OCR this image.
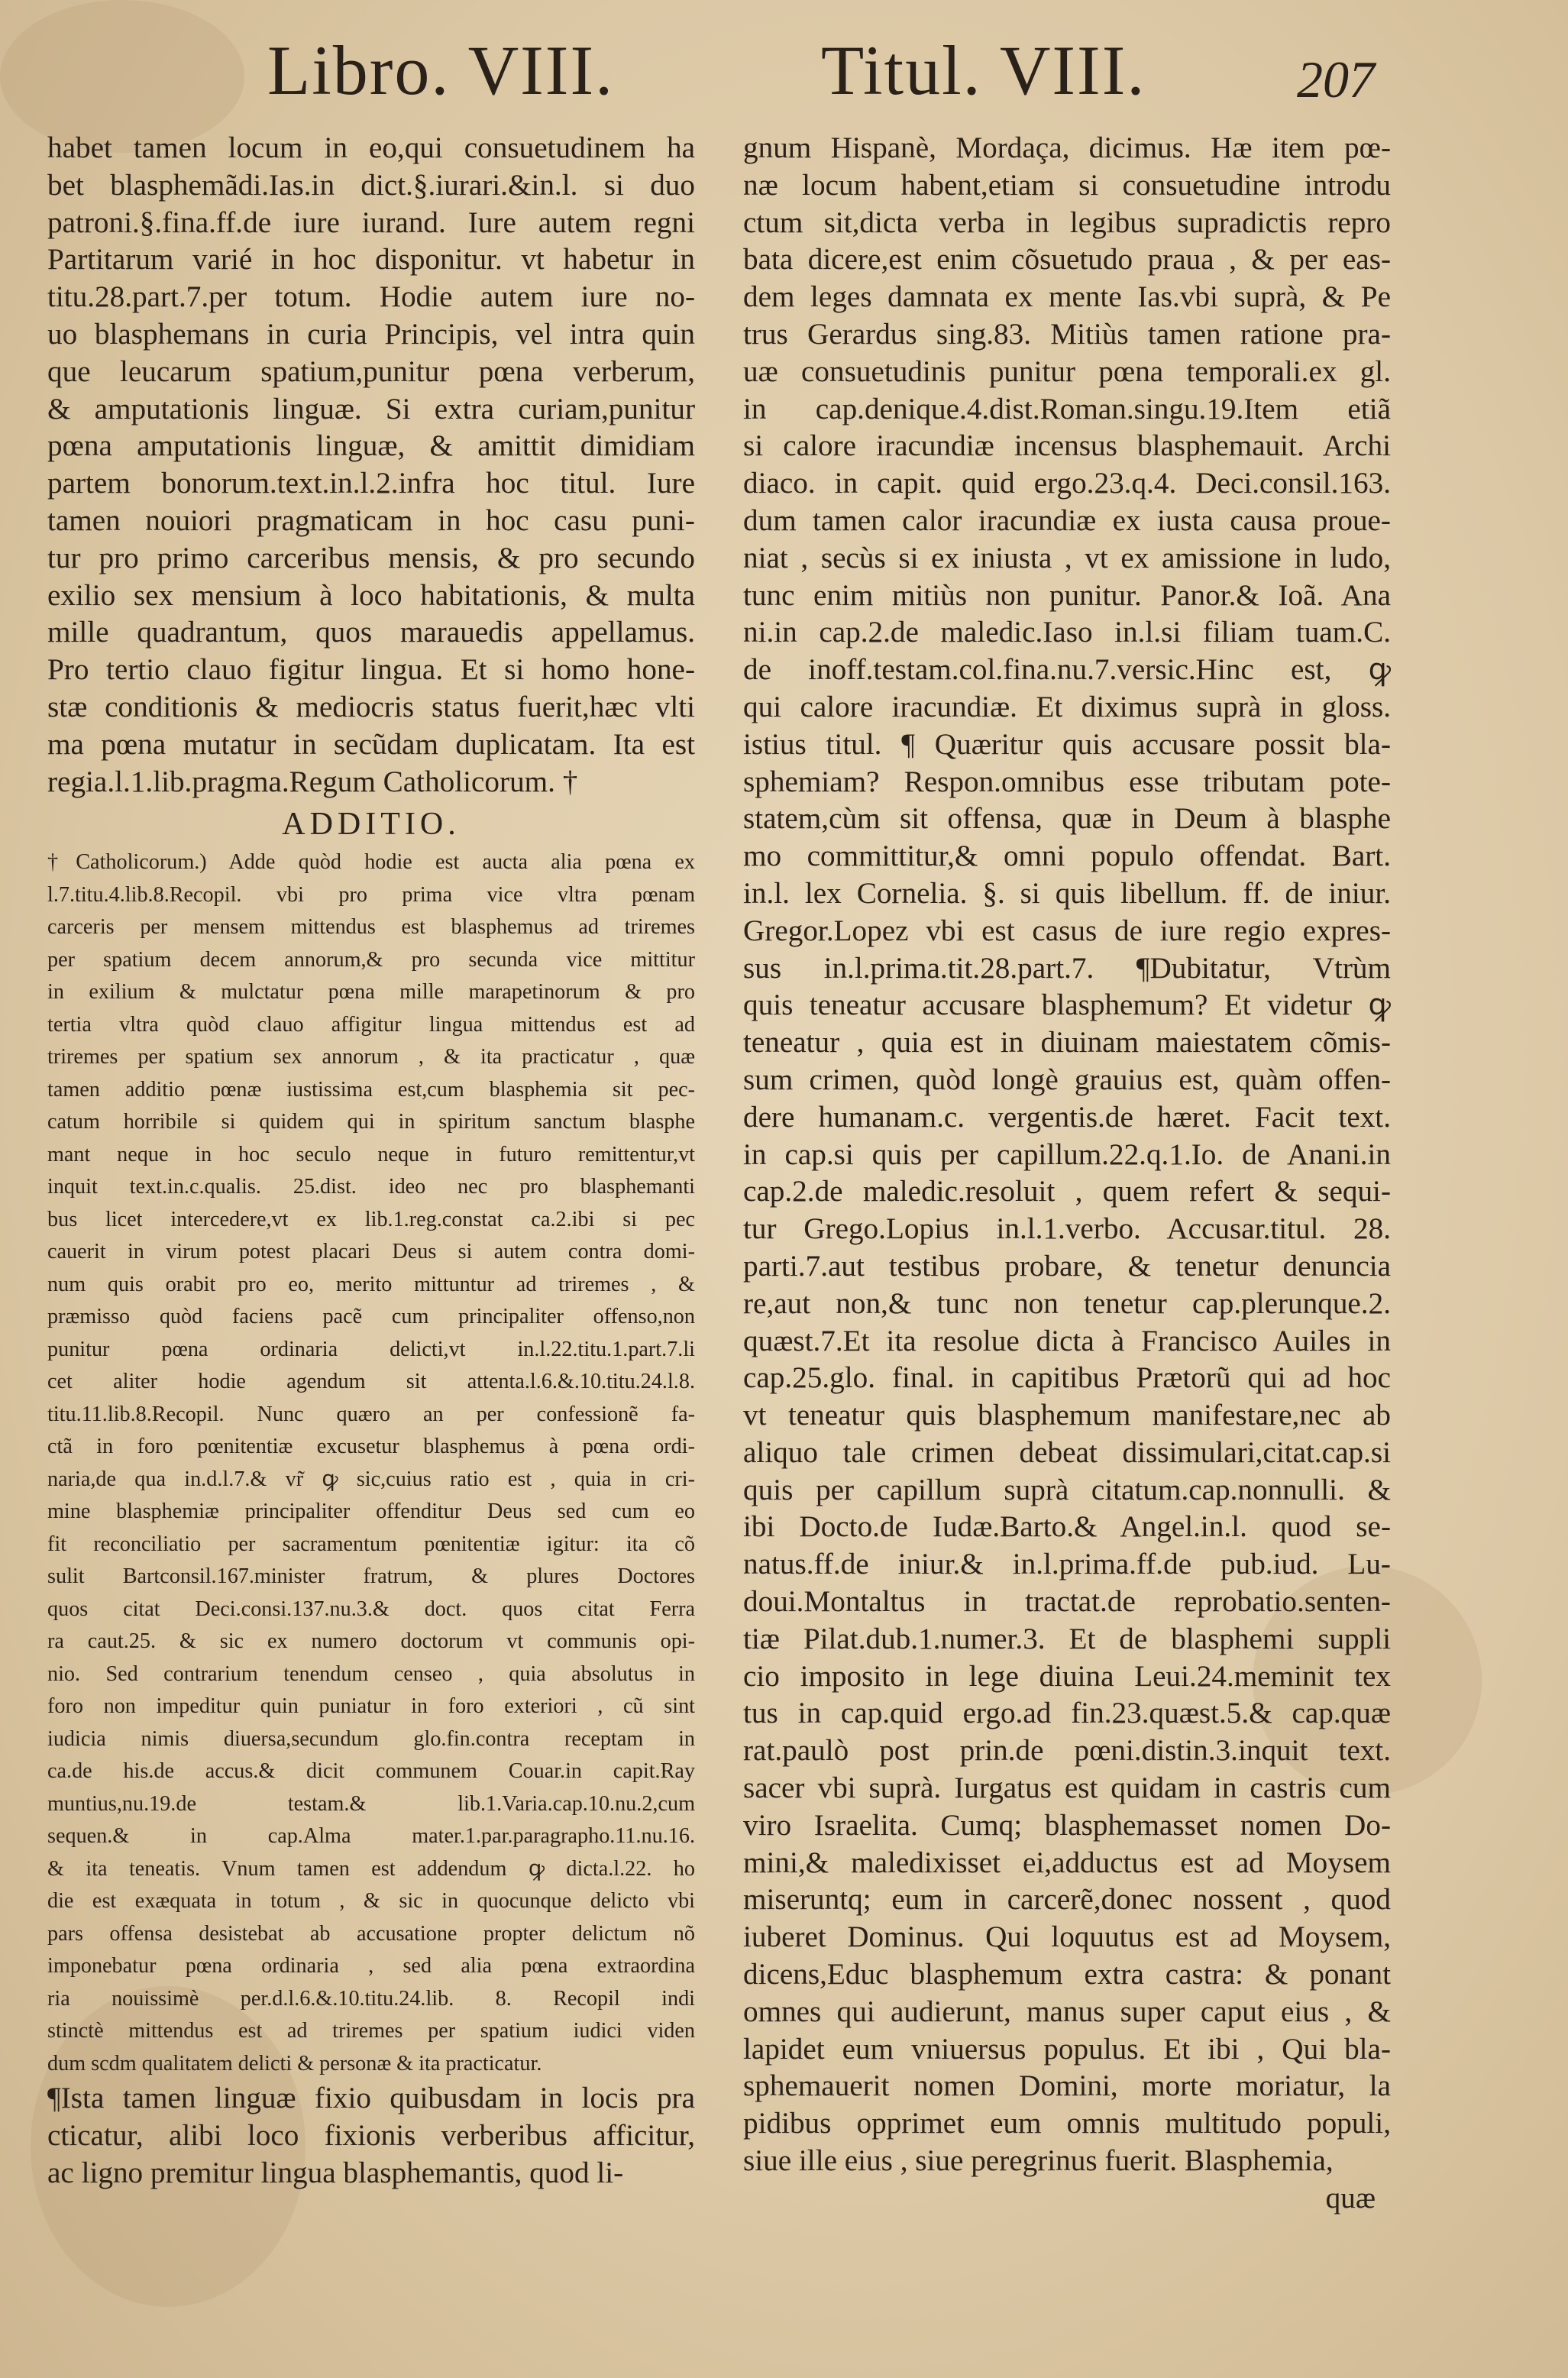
Libro. VIII.	Titul. VIII.	207
habet tamen locum in eo,qui consuetudinem ha
bet blasphemãdi.Ias.in dict.§.iurari.&in.l. si duo
patroni.§.fina.ff.de iure iurand. Iure autem regni
Partitarum varié in hoc disponitur. vt habetur in
titu.28.part.7.per totum. Hodie autem iure no-
uo blasphemans in curia Principis, vel intra quin
que leucarum spatium,punitur pœna verberum,
& amputationis linguæ. Si extra curiam,punitur
pœna amputationis linguæ, & amittit dimidiam
partem bonorum.text.in.l.2.infra hoc titul. Iure
tamen nouiori pragmaticam in hoc casu puni-
tur pro primo carceribus mensis, & pro secundo
exilio sex mensium à loco habitationis, & multa
mille quadrantum, quos marauedis appellamus.
Pro tertio clauo figitur lingua. Et si homo hone-
stæ conditionis & mediocris status fuerit,hæc vlti
ma pœna mutatur in secũdam duplicatam. Ita est
regia.l.1.lib.pragma.Regum Catholicorum. †
ADDITIO.
†Catholicorum.) Adde quòd hodie est aucta alia pœna ex
l.7.titu.4.lib.8.Recopil. vbi pro prima vice vltra pœnam
carceris per mensem mittendus est blasphemus ad triremes
per spatium decem annorum,& pro secunda vice mittitur
in exilium & mulctatur pœna mille marapetinorum & pro
tertia vltra quòd clauo affigitur lingua mittendus est ad
triremes per spatium sex annorum , & ita practicatur , quæ
tamen additio pœnæ iustissima est,cum blasphemia sit pec-
catum horribile si quidem qui in spiritum sanctum blasphe
mant neque in hoc seculo neque in futuro remittentur,vt
inquit text.in.c.qualis. 25.dist. ideo nec pro blasphemanti
bus licet intercedere,vt ex lib.1.reg.constat ca.2.ibi si pec
cauerit in virum potest placari Deus si autem contra domi-
num quis orabit pro eo, merito mittuntur ad triremes , &
præmisso quòd faciens pacẽ cum principaliter offenso,non
punitur pœna ordinaria delicti,vt in.l.22.titu.1.part.7.li
cet aliter hodie agendum sit attenta.l.6.&.10.titu.24.l.8.
titu.11.lib.8.Recopil. Nunc quæro an per confessionẽ fa-
ctã in foro pœnitentiæ excusetur blasphemus à pœna ordi-
naria,de qua in.d.l.7.& vr̃ ꝙ sic,cuius ratio est , quia in cri-
mine blasphemiæ principaliter offenditur Deus sed cum eo
fit reconciliatio per sacramentum pœnitentiæ igitur: ita cõ
sulit Bartconsil.167.minister fratrum, & plures Doctores
quos citat Deci.consi.137.nu.3.& doct. quos citat Ferra
ra caut.25. & sic ex numero doctorum vt communis opi-
nio. Sed contrarium tenendum censeo , quia absolutus in
foro non impeditur quin puniatur in foro exteriori , cũ sint
iudicia nimis diuersa,secundum glo.fin.contra receptam in
ca.de his.de accus.& dicit communem Couar.in capit.Ray
muntius,nu.19.de testam.& lib.1.Varia.cap.10.nu.2,cum
sequen.& in cap.Alma mater.1.par.paragrapho.11.nu.16.
& ita teneatis. Vnum tamen est addendum ꝙ dicta.l.22. ho
die est exæquata in totum , & sic in quocunque delicto vbi
pars offensa desistebat ab accusatione propter delictum nõ
imponebatur pœna ordinaria , sed alia pœna extraordina
ria nouissimè per.d.l.6.&.10.titu.24.lib. 8. Recopil indi
stinctè mittendus est ad triremes per spatium iudici viden
dum scdm qualitatem delicti & personæ & ita practicatur.
¶Ista tamen linguæ fixio quibusdam in locis pra
cticatur, alibi loco fixionis verberibus afficitur,
ac ligno premitur lingua blasphemantis, quod li-
gnum Hispanè, Mordaça, dicimus. Hæ item pœ-
næ locum habent,etiam si consuetudine introdu
ctum sit,dicta verba in legibus supradictis repro
bata dicere,est enim cõsuetudo praua , & per eas-
dem leges damnata ex mente Ias.vbi suprà, & Pe
trus Gerardus sing.83. Mitiùs tamen ratione pra-
uæ consuetudinis punitur pœna temporali.ex gl.
in cap.denique.4.dist.Roman.singu.19.Item etiã
si calore iracundiæ incensus blasphemauit. Archi
diaco. in capit. quid ergo.23.q.4. Deci.consil.163.
dum tamen calor iracundiæ ex iusta causa proue-
niat , secùs si ex iniusta , vt ex amissione in ludo,
tunc enim mitiùs non punitur. Panor.& Ioã. Ana
ni.in cap.2.de maledic.Iaso in.l.si filiam tuam.C.
de inoff.testam.col.fina.nu.7.versic.Hinc est, ꝙ
qui calore iracundiæ. Et diximus suprà in gloss.
istius titul. ¶ Quæritur quis accusare possit bla-
sphemiam? Respon.omnibus esse tributam pote-
statem,cùm sit offensa, quæ in Deum à blasphe
mo committitur,& omni populo offendat. Bart.
in.l. lex Cornelia. §. si quis libellum. ff. de iniur.
Gregor.Lopez vbi est casus de iure regio expres-
sus in.l.prima.tit.28.part.7. ¶Dubitatur, Vtrùm
quis teneatur accusare blasphemum? Et videtur ꝙ
teneatur , quia est in diuinam maiestatem cõmis-
sum crimen, quòd longè grauius est, quàm offen-
dere humanam.c. vergentis.de hæret. Facit text.
in cap.si quis per capillum.22.q.1.Io. de Anani.in
cap.2.de maledic.resoluit , quem refert & sequi-
tur Grego.Lopius in.l.1.verbo. Accusar.titul. 28.
parti.7.aut testibus probare, & tenetur denuncia
re,aut non,& tunc non tenetur cap.plerunque.2.
quæst.7.Et ita resolue dicta à Francisco Auiles in
cap.25.glo. final. in capitibus Prætorũ qui ad hoc
vt teneatur quis blasphemum manifestare,nec ab
aliquo tale crimen debeat dissimulari,citat.cap.si
quis per capillum suprà citatum.cap.nonnulli. &
ibi Docto.de Iudæ.Barto.& Angel.in.l. quod se-
natus.ff.de iniur.& in.l.prima.ff.de pub.iud. Lu-
doui.Montaltus in tractat.de reprobatio.senten-
tiæ Pilat.dub.1.numer.3. Et de blasphemi suppli
cio imposito in lege diuina Leui.24.meminit tex
tus in cap.quid ergo.ad fin.23.quæst.5.& cap.quæ
rat.paulò post prin.de pœni.distin.3.inquit text.
sacer vbi suprà. Iurgatus est quidam in castris cum
viro Israelita. Cumq; blasphemasset nomen Do-
mini,& maledixisset ei,adductus est ad Moysem
miseruntq; eum in carcerẽ,donec nossent , quod
iuberet Dominus. Qui loquutus est ad Moysem,
dicens,Educ blasphemum extra castra: & ponant
omnes qui audierunt, manus super caput eius , &
lapidet eum vniuersus populus. Et ibi , Qui bla-
sphemauerit nomen Domini, morte moriatur, la
pidibus opprimet eum omnis multitudo populi,
siue ille eius , siue peregrinus fuerit. Blasphemia,
quæ
